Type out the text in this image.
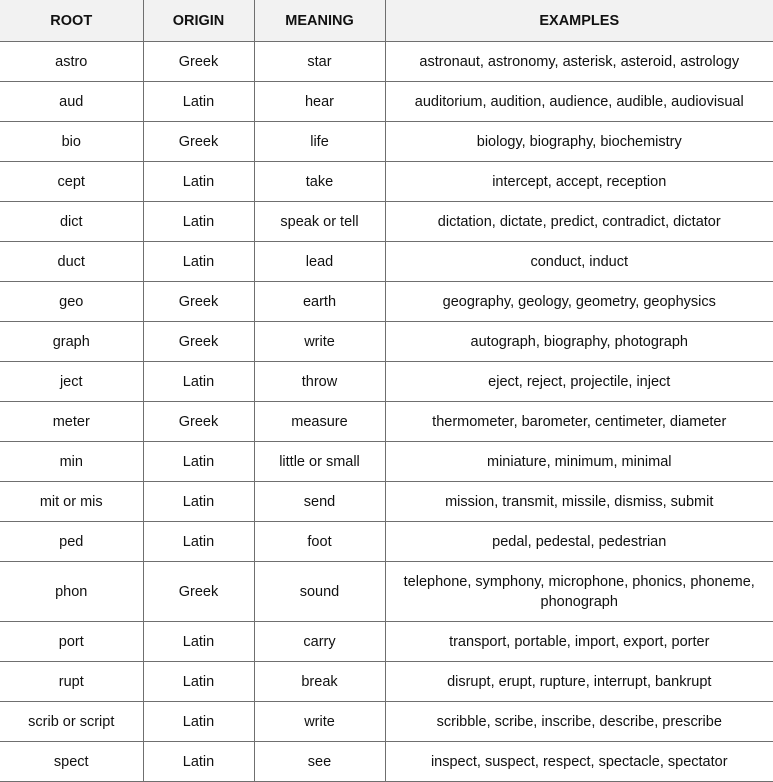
ROOT	ORIGIN	MEANING	EXAMPLES
astro	Greek	star	astronaut, astronomy, asterisk, asteroid, astrology
aud	Latin	hear	auditorium, audition, audience, audible, audiovisual
bio	Greek	life	biology, biography, biochemistry
cept	Latin	take	intercept, accept, reception
dict	Latin	speak or tell	dictation, dictate, predict, contradict, dictator
duct	Latin	lead	conduct, induct
geo	Greek	earth	geography, geology, geometry, geophysics
graph	Greek	write	autograph, biography, photograph
ject	Latin	throw	eject, reject, projectile, inject
meter	Greek	measure	thermometer, barometer, centimeter, diameter
min	Latin	little or small	miniature, minimum, minimal
mit or mis	Latin	send	mission, transmit, missile, dismiss, submit
ped	Latin	foot	pedal, pedestal, pedestrian
phon	Greek	sound	telephone, symphony, microphone, phonics, phoneme, phonograph
port	Latin	carry	transport, portable, import, export, porter
rupt	Latin	break	disrupt, erupt, rupture, interrupt, bankrupt
scrib or script	Latin	write	scribble, scribe, inscribe, describe, prescribe
spect	Latin	see	inspect, suspect, respect, spectacle, spectator
